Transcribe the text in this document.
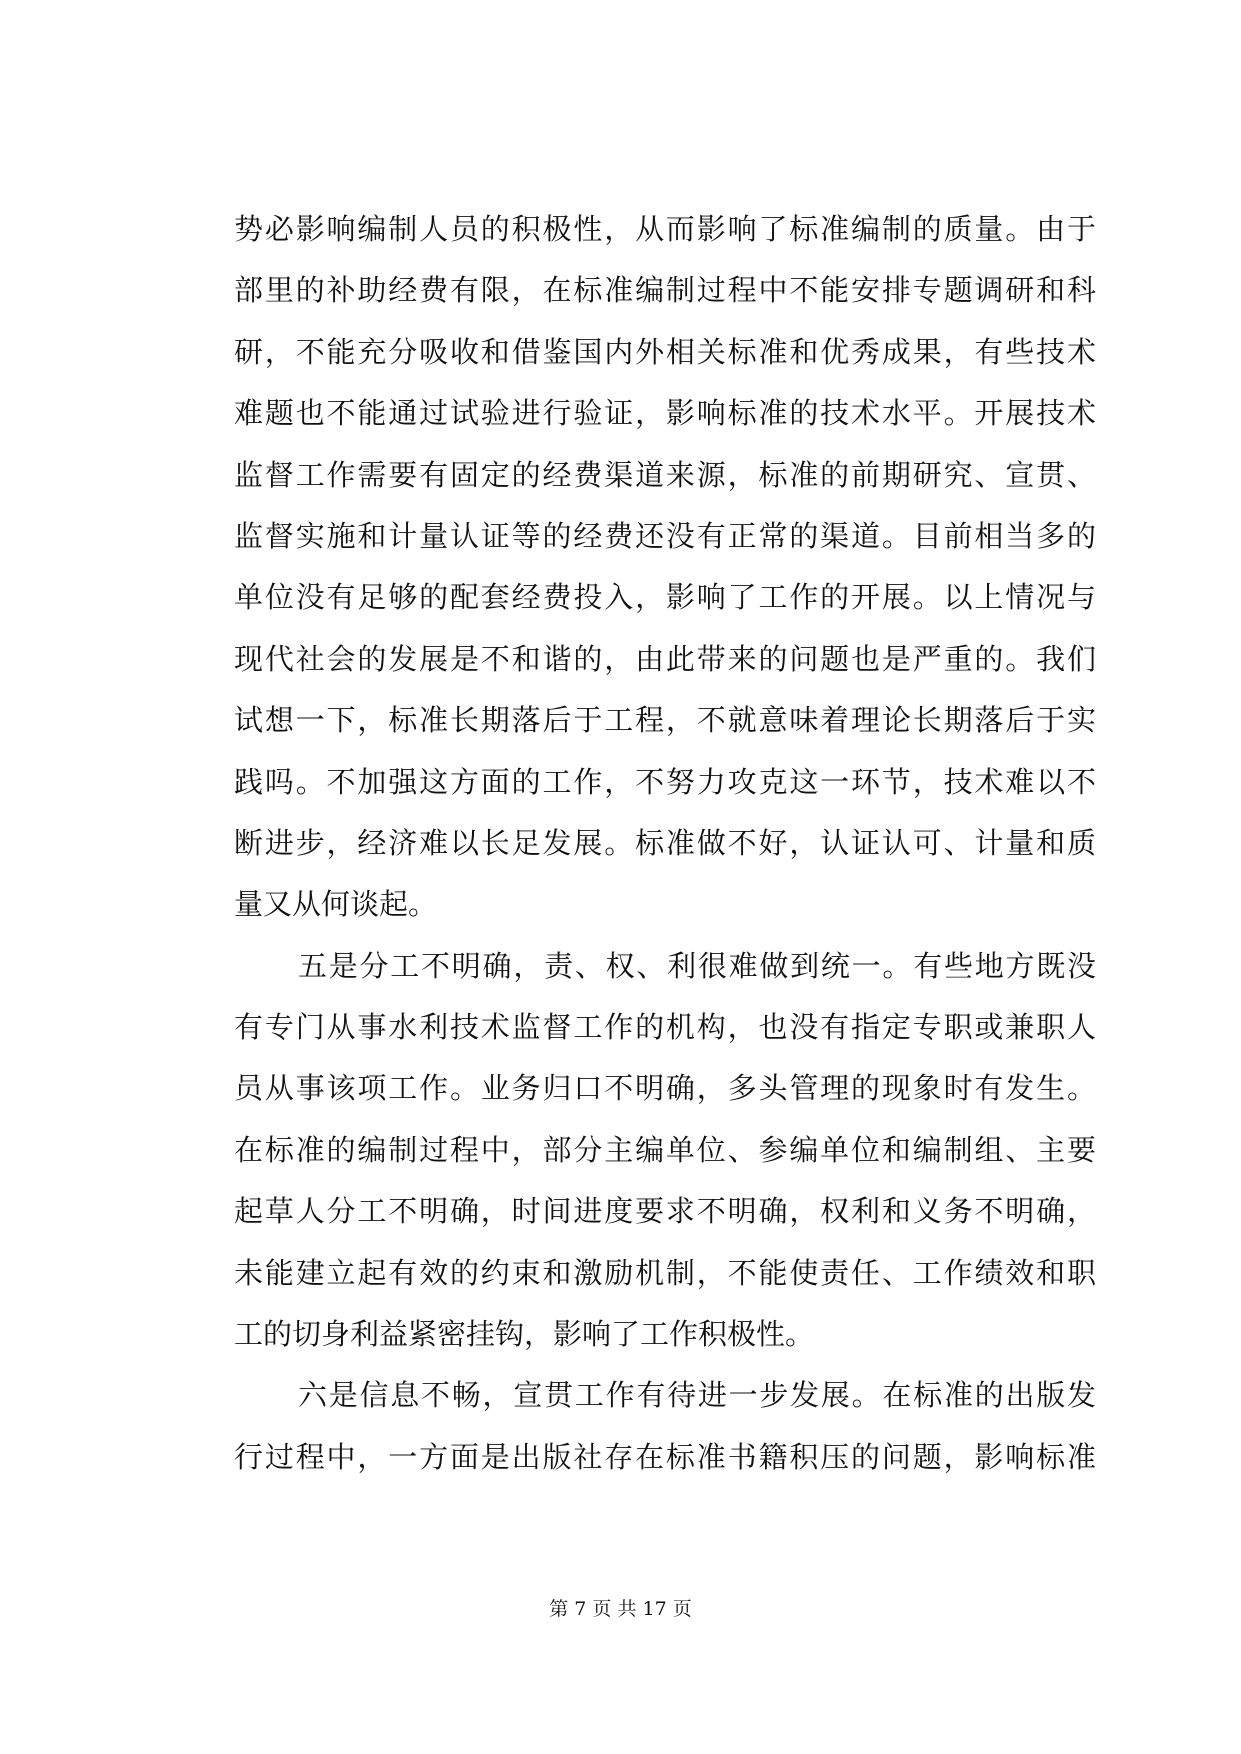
势必影响编制人员的积极性，从而影响了标准编制的质量。由于
部里的补助经费有限，在标准编制过程中不能安排专题调研和科
研，不能充分吸收和借鉴国内外相关标准和优秀成果，有些技术
难题也不能通过试验进行验证，影响标准的技术水平。开展技术
监督工作需要有固定的经费渠道来源，标准的前期研究、宣贯、
监督实施和计量认证等的经费还没有正常的渠道。目前相当多的
单位没有足够的配套经费投入，影响了工作的开展。以上情况与
现代社会的发展是不和谐的，由此带来的问题也是严重的。我们
试想一下，标准长期落后于工程，不就意味着理论长期落后于实
践吗。不加强这方面的工作，不努力攻克这一环节，技术难以不
断进步，经济难以长足发展。标准做不好，认证认可、计量和质
量又从何谈起。
五是分工不明确，责、权、利很难做到统一。有些地方既没
有专门从事水利技术监督工作的机构，也没有指定专职或兼职人
员从事该项工作。业务归口不明确，多头管理的现象时有发生。
在标准的编制过程中，部分主编单位、参编单位和编制组、主要
起草人分工不明确，时间进度要求不明确，权利和义务不明确，
未能建立起有效的约束和激励机制，不能使责任、工作绩效和职
工的切身利益紧密挂钩，影响了工作积极性。
六是信息不畅，宣贯工作有待进一步发展。在标准的出版发
行过程中，一方面是出版社存在标准书籍积压的问题，影响标准
第 7 页 共 17 页
